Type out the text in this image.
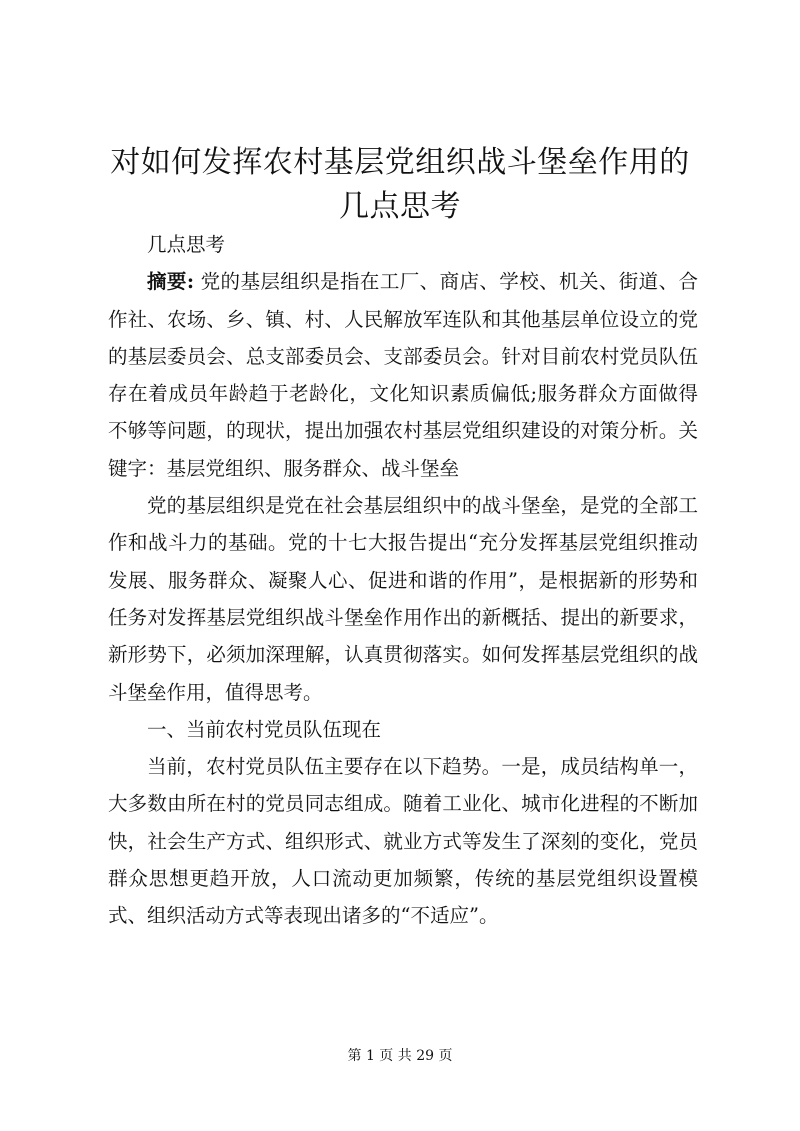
对如何发挥农村基层党组织战斗堡垒作用的几点思考

几点思考

摘要: 党的基层组织是指在工厂、商店、学校、机关、街道、合作社、农场、乡、镇、村、人民解放军连队和其他基层单位设立的党的基层委员会、总支部委员会、支部委员会。针对目前农村党员队伍存在着成员年龄趋于老龄化，文化知识素质偏低;服务群众方面做得不够等问题，的现状，提出加强农村基层党组织建设的对策分析。关键字：基层党组织、服务群众、战斗堡垒

党的基层组织是党在社会基层组织中的战斗堡垒，是党的全部工作和战斗力的基础。党的十七大报告提出“充分发挥基层党组织推动发展、服务群众、凝聚人心、促进和谐的作用”，是根据新的形势和任务对发挥基层党组织战斗堡垒作用作出的新概括、提出的新要求，新形势下，必须加深理解，认真贯彻落实。如何发挥基层党组织的战斗堡垒作用，值得思考。

一、当前农村党员队伍现在

当前，农村党员队伍主要存在以下趋势。一是，成员结构单一，大多数由所在村的党员同志组成。随着工业化、城市化进程的不断加快，社会生产方式、组织形式、就业方式等发生了深刻的变化，党员群众思想更趋开放，人口流动更加频繁，传统的基层党组织设置模式、组织活动方式等表现出诸多的“不适应”。

第 1 页 共 29 页
